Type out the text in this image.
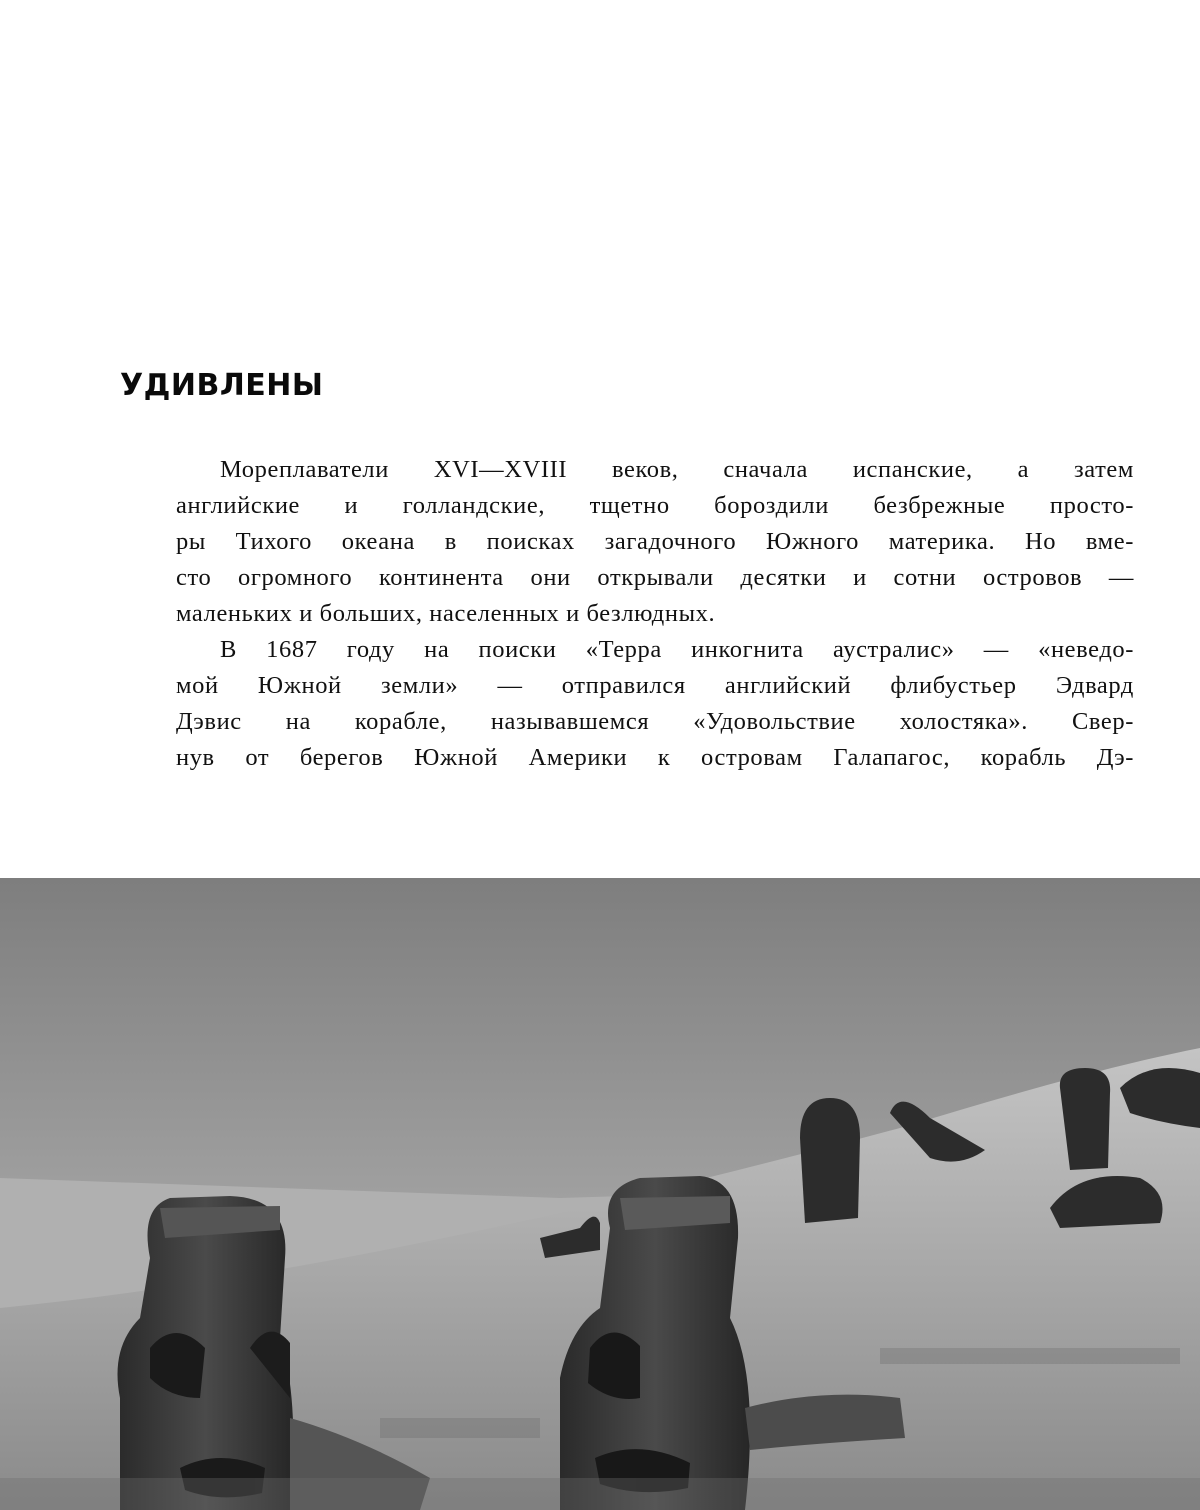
УДИВЛЕНЫ
Мореплаватели XVI—XVIII веков, сначала испанские, а затем
английские и голландские, тщетно бороздили безбрежные просто-
ры Тихого океана в поисках загадочного Южного материка. Но вме-
сто огромного континента они открывали десятки и сотни островов —
маленьких и больших, населенных и безлюдных.
В 1687 году на поиски «Терра инкогнита аустралис» — «неведо-
мой Южной земли» — отправился английский флибустьер Эдвард
Дэвис на корабле, называвшемся «Удовольствие холостяка». Свер-
нув от берегов Южной Америки к островам Галапагос, корабль Дэ-
